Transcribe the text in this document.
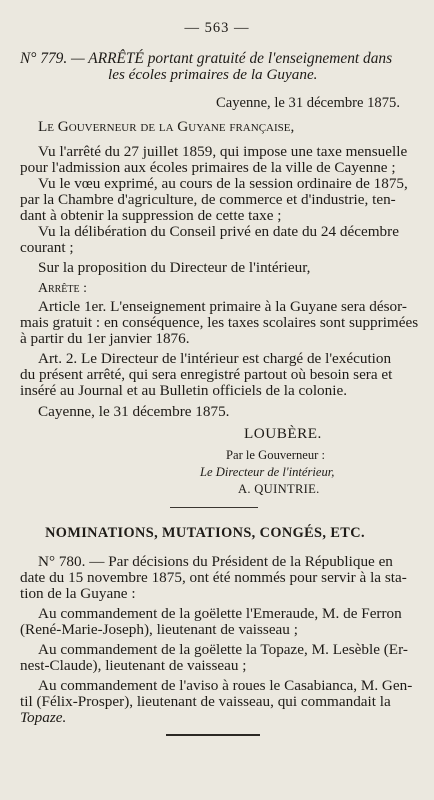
— 563 —
N° 779. — ARRÊTÉ portant gratuité de l'enseignement dans
les écoles primaires de la Guyane.
Cayenne, le 31 décembre 1875.
Le Gouverneur de la Guyane française,
Vu l'arrêté du 27 juillet 1859, qui impose une taxe mensuelle
pour l'admission aux écoles primaires de la ville de Cayenne ;
Vu le vœu exprimé, au cours de la session ordinaire de 1875,
par la Chambre d'agriculture, de commerce et d'industrie, ten-
dant à obtenir la suppression de cette taxe ;
Vu la délibération du Conseil privé en date du 24 décembre
courant ;
Sur la proposition du Directeur de l'intérieur,
Arrête :
Article 1er. L'enseignement primaire à la Guyane sera désor-
mais gratuit : en conséquence, les taxes scolaires sont supprimées
à partir du 1er janvier 1876.
Art. 2. Le Directeur de l'intérieur est chargé de l'exécution
du présent arrêté, qui sera enregistré partout où besoin sera et
inséré au Journal et au Bulletin officiels de la colonie.
Cayenne, le 31 décembre 1875.
LOUBÈRE.
Par le Gouverneur :
Le Directeur de l'intérieur,
A. QUINTRIE.
NOMINATIONS, MUTATIONS, CONGÉS, ETC.
N° 780. — Par décisions du Président de la République en
date du 15 novembre 1875, ont été nommés pour servir à la sta-
tion de la Guyane :
Au commandement de la goëlette l'Emeraude, M. de Ferron
(René-Marie-Joseph), lieutenant de vaisseau ;
Au commandement de la goëlette la Topaze, M. Lesèble (Er-
nest-Claude), lieutenant de vaisseau ;
Au commandement de l'aviso à roues le Casabianca, M. Gen-
til (Félix-Prosper), lieutenant de vaisseau, qui commandait la
Topaze.
